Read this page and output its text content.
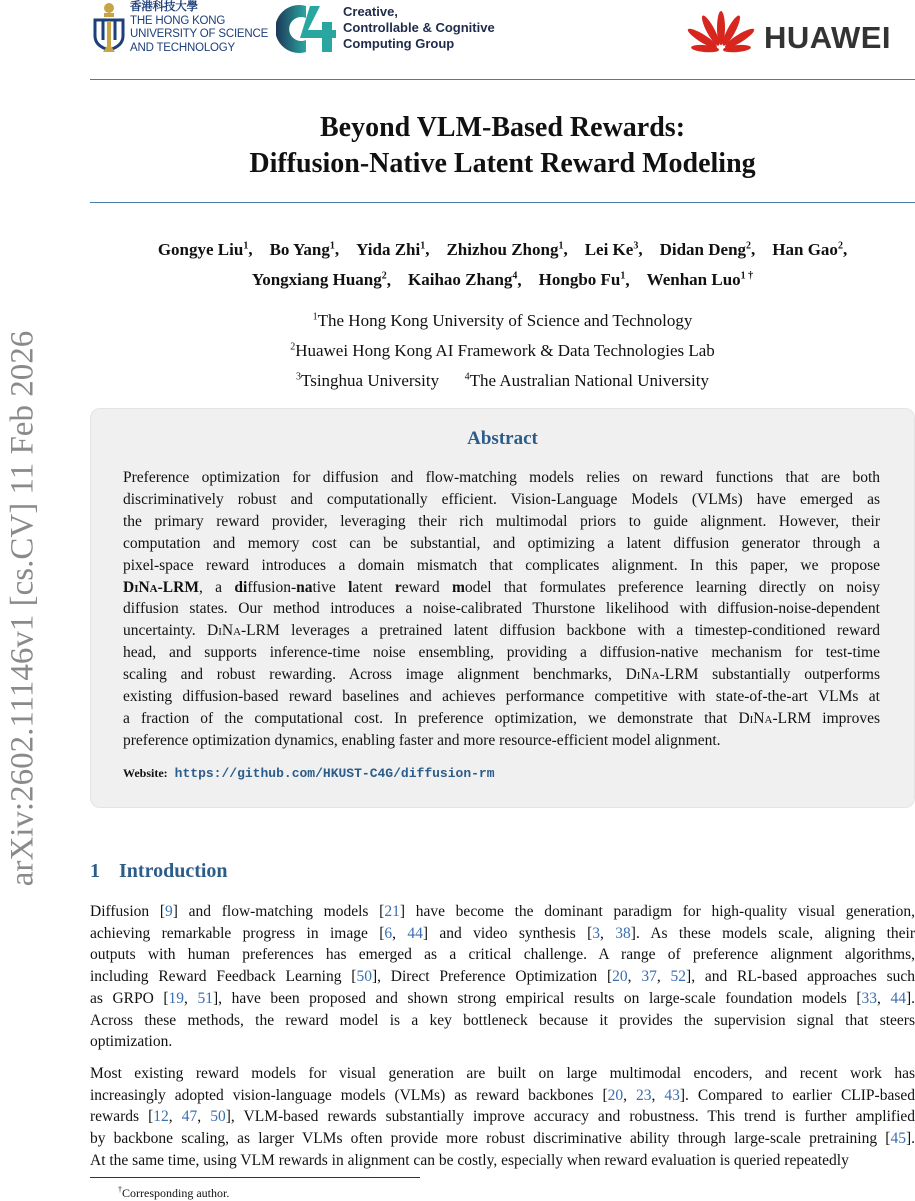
香港科技大學
THE HONG KONG
UNIVERSITY OF SCIENCE
AND TECHNOLOGY
Creative,
Controllable & Cognitive
Computing Group	HUAWEI
arXiv:2602.11146v1 [cs.CV] 11 Feb 2026
Beyond VLM-Based Rewards:
Diffusion-Native Latent Reward Modeling
Gongye Liu$^1$, Bo Yang$^1$, Yida Zhi$^1$, Zhizhou Zhong$^1$, Lei Ke$^3$, Didan Deng$^2$, Han Gao$^2$,
Yongxiang Huang$^2$, Kaihao Zhang$^4$, Hongbo Fu$^1$, Wenhan Luo$^{1 \dagger}$
$^1$The Hong Kong University of Science and Technology
$^2$Huawei Hong Kong AI Framework & Data Technologies Lab
$^3$Tsinghua University  	$^4$The Australian National University
Abstract
Preference optimization for diffusion and flow-matching models relies on reward functions that are both
discriminatively robust and computationally efficient. Vision-Language Models (VLMs) have emerged as
the primary reward provider, leveraging their rich multimodal priors to guide alignment. However, their
computation and memory cost can be substantial, and optimizing a latent diffusion generator through a
pixel-space reward introduces a domain mismatch that complicates alignment. In this paper, we propose
DiNa-LRM, a diffusion-native latent reward model that formulates preference learning directly on noisy
diffusion states. Our method introduces a noise-calibrated Thurstone likelihood with diffusion-noise-dependent
uncertainty. DiNa-LRM leverages a pretrained latent diffusion backbone with a timestep-conditioned reward
head, and supports inference-time noise ensembling, providing a diffusion-native mechanism for test-time
scaling and robust rewarding. Across image alignment benchmarks, DiNa-LRM substantially outperforms
existing diffusion-based reward baselines and achieves performance competitive with state-of-the-art VLMs at
a fraction of the computational cost. In preference optimization, we demonstrate that DiNa-LRM improves
preference optimization dynamics, enabling faster and more resource-efficient model alignment.
Website: https://github.com/HKUST-C4G/diffusion-rm
1 Introduction
Diffusion [9] and flow-matching models [21] have become the dominant paradigm for high-quality visual generation,
achieving remarkable progress in image [6, 44] and video synthesis [3, 38]. As these models scale, aligning their
outputs with human preferences has emerged as a critical challenge. A range of preference alignment algorithms,
including Reward Feedback Learning [50], Direct Preference Optimization [20, 37, 52], and RL-based approaches such
as GRPO [19, 51], have been proposed and shown strong empirical results on large-scale foundation models [33, 44].
Across these methods, the reward model is a key bottleneck because it provides the supervision signal that steers
optimization.
Most existing reward models for visual generation are built on large multimodal encoders, and recent work has
increasingly adopted vision-language models (VLMs) as reward backbones [20, 23, 43]. Compared to earlier CLIP-based
rewards [12, 47, 50], VLM-based rewards substantially improve accuracy and robustness. This trend is further amplified
by backbone scaling, as larger VLMs often provide more robust discriminative ability through large-scale pretraining [45].
At the same time, using VLM rewards in alignment can be costly, especially when reward evaluation is queried repeatedly
†Corresponding author.
